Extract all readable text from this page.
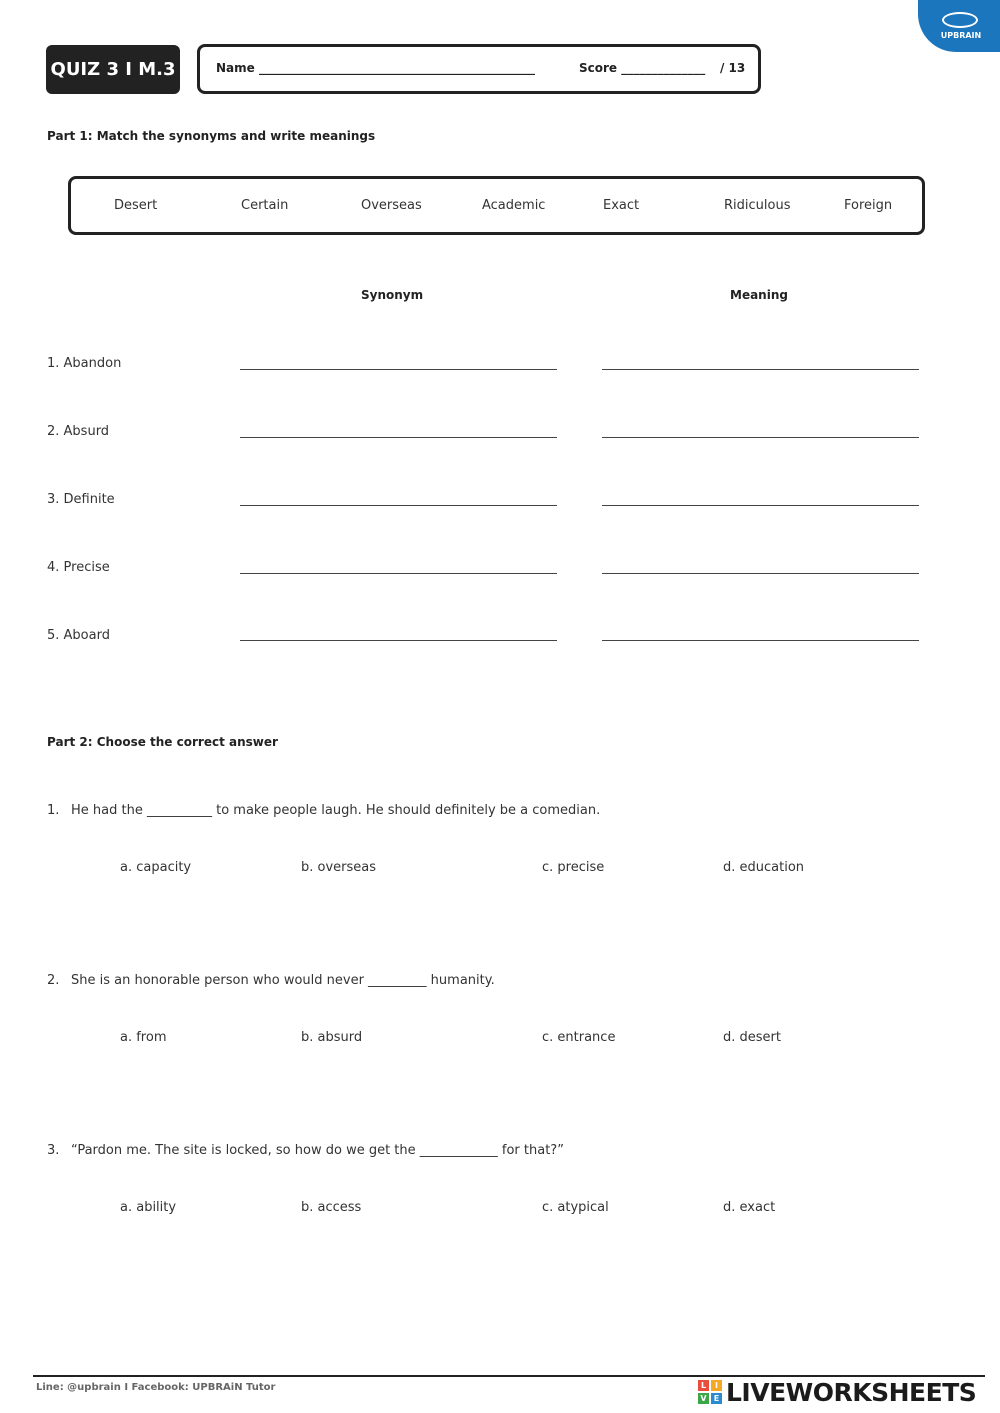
QUIZ 3 I M.3	Name ______________________________________________	Score ______________ / 13
UPBRAIN
Part 1: Match the synonyms and write meanings
Desert	Certain	Overseas	Academic	Exact	Ridiculous	Foreign
Synonym	Meaning
1. Abandon
2. Absurd
3. Definite
4. Precise
5. Aboard
Part 2: Choose the correct answer
1. He had the __________ to make people laugh. He should definitely be a comedian.
a. capacity	b. overseas	c. precise	d. education
2. She is an honorable person who would never _________ humanity.
a. from	b. absurd	c. entrance	d. desert
3. “Pardon me. The site is locked, so how do we get the ____________ for that?”
a. ability	b. access	c. atypical	d. exact
Line: @upbrain I Facebook: UPBRAiN Tutor	L	I
V E LIVEWORKSHEETS
